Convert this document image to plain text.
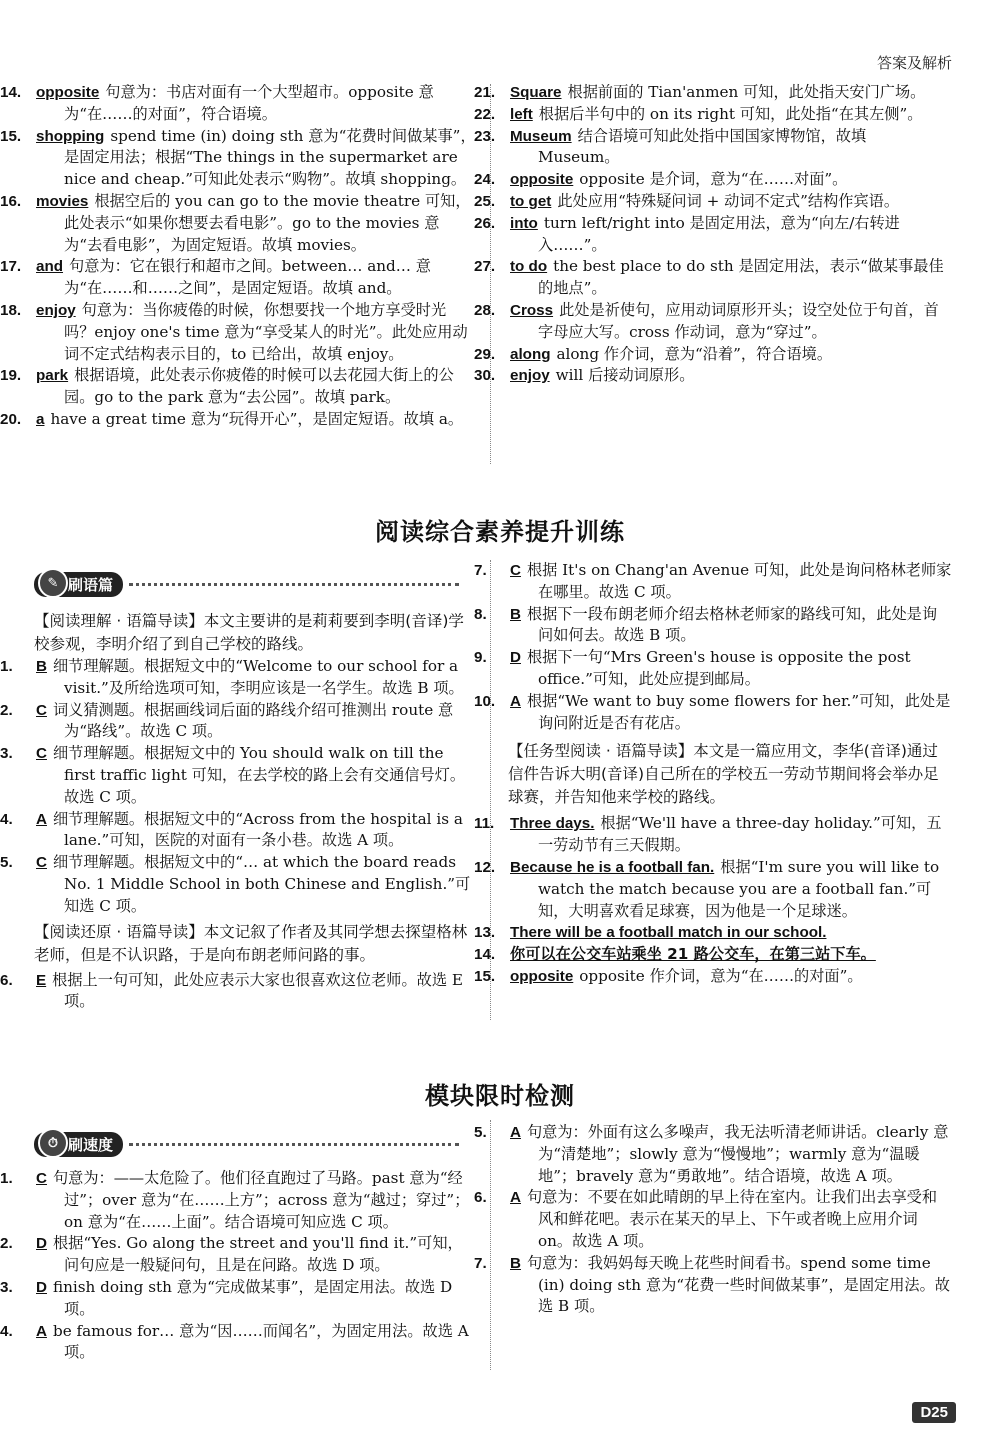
答案及解析

14. opposite 句意为：书店对面有一个大型超市。opposite 意为“在……的对面”，符合语境。

15. shopping spend time (in) doing sth 意为“花费时间做某事”，是固定用法；根据“The things in the supermarket are nice and cheap.”可知此处表示“购物”。故填 shopping。

16. movies 根据空后的 you can go to the movie theatre 可知，此处表示“如果你想要去看电影”。go to the movies 意为“去看电影”，为固定短语。故填 movies。

17. and 句意为：它在银行和超市之间。between… and… 意为“在……和……之间”，是固定短语。故填 and。

18. enjoy 句意为：当你疲倦的时候，你想要找一个地方享受时光吗？enjoy one's time 意为“享受某人的时光”。此处应用动词不定式结构表示目的，to 已给出，故填 enjoy。

19. park 根据语境，此处表示你疲倦的时候可以去花园大街上的公园。go to the park 意为“去公园”。故填 park。

20. a have a great time 意为“玩得开心”，是固定短语。故填 a。

21. Square 根据前面的 Tian'anmen 可知，此处指天安门广场。

22. left 根据后半句中的 on its right 可知，此处指“在其左侧”。

23. Museum 结合语境可知此处指中国国家博物馆，故填 Museum。

24. opposite opposite 是介词，意为“在……对面”。

25. to get 此处应用“特殊疑问词 + 动词不定式”结构作宾语。

26. into turn left/right into 是固定用法，意为“向左/右转进入……”。

27. to do the best place to do sth 是固定用法，表示“做某事最佳的地点”。

28. Cross 此处是祈使句，应用动词原形开头；设空处位于句首，首字母应大写。cross 作动词，意为“穿过”。

29. along along 作介词，意为“沿着”，符合语境。

30. enjoy will 后接动词原形。

阅读综合素养提升训练
✎ 刷语篇

【阅读理解 · 语篇导读】本文主要讲的是莉莉要到李明(音译)学校参观，李明介绍了到自己学校的路线。

1. B 细节理解题。根据短文中的“Welcome to our school for a visit.”及所给选项可知，李明应该是一名学生。故选 B 项。

2. C 词义猜测题。根据画线词后面的路线介绍可推测出 route 意为“路线”。故选 C 项。

3. C 细节理解题。根据短文中的 You should walk on till the first traffic light 可知，在去学校的路上会有交通信号灯。故选 C 项。

4. A 细节理解题。根据短文中的“Across from the hospital is a lane.”可知，医院的对面有一条小巷。故选 A 项。

5. C 细节理解题。根据短文中的“… at which the board reads No. 1 Middle School in both Chinese and English.”可知选 C 项。

【阅读还原 · 语篇导读】本文记叙了作者及其同学想去探望格林老师，但是不认识路，于是向布朗老师问路的事。

6. E 根据上一句可知，此处应表示大家也很喜欢这位老师。故选 E 项。

7. C 根据 It's on Chang'an Avenue 可知，此处是询问格林老师家在哪里。故选 C 项。

8. B 根据下一段布朗老师介绍去格林老师家的路线可知，此处是询问如何去。故选 B 项。

9. D 根据下一句“Mrs Green's house is opposite the post office.”可知，此处应提到邮局。

10. A 根据“We want to buy some flowers for her.”可知，此处是询问附近是否有花店。

【任务型阅读 · 语篇导读】本文是一篇应用文，李华(音译)通过信件告诉大明(音译)自己所在的学校五一劳动节期间将会举办足球赛，并告知他来学校的路线。

11. Three days. 根据“We'll have a three-day holiday.”可知，五一劳动节有三天假期。

12. Because he is a football fan. 根据“I'm sure you will like to watch the match because you are a football fan.”可知，大明喜欢看足球赛，因为他是一个足球迷。

13. There will be a football match in our school.

14. 你可以在公交车站乘坐 21 路公交车，在第三站下车。

15. opposite opposite 作介词，意为“在……的对面”。

模块限时检测
⏱ 刷速度

1. C 句意为：——太危险了。他们径直跑过了马路。past 意为“经过”；over 意为“在……上方”；across 意为“越过；穿过”；on 意为“在……上面”。结合语境可知应选 C 项。

2. D 根据“Yes. Go along the street and you'll find it.”可知，问句应是一般疑问句，且是在问路。故选 D 项。

3. D finish doing sth 意为“完成做某事”，是固定用法。故选 D 项。

4. A be famous for… 意为“因……而闻名”，为固定用法。故选 A 项。

5. A 句意为：外面有这么多噪声，我无法听清老师讲话。clearly 意为“清楚地”；slowly 意为“慢慢地”；warmly 意为“温暖地”；bravely 意为“勇敢地”。结合语境，故选 A 项。

6. A 句意为：不要在如此晴朗的早上待在室内。让我们出去享受和风和鲜花吧。表示在某天的早上、下午或者晚上应用介词 on。故选 A 项。

7. B 句意为：我妈妈每天晚上花些时间看书。spend some time (in) doing sth 意为“花费一些时间做某事”，是固定用法。故选 B 项。

D25
